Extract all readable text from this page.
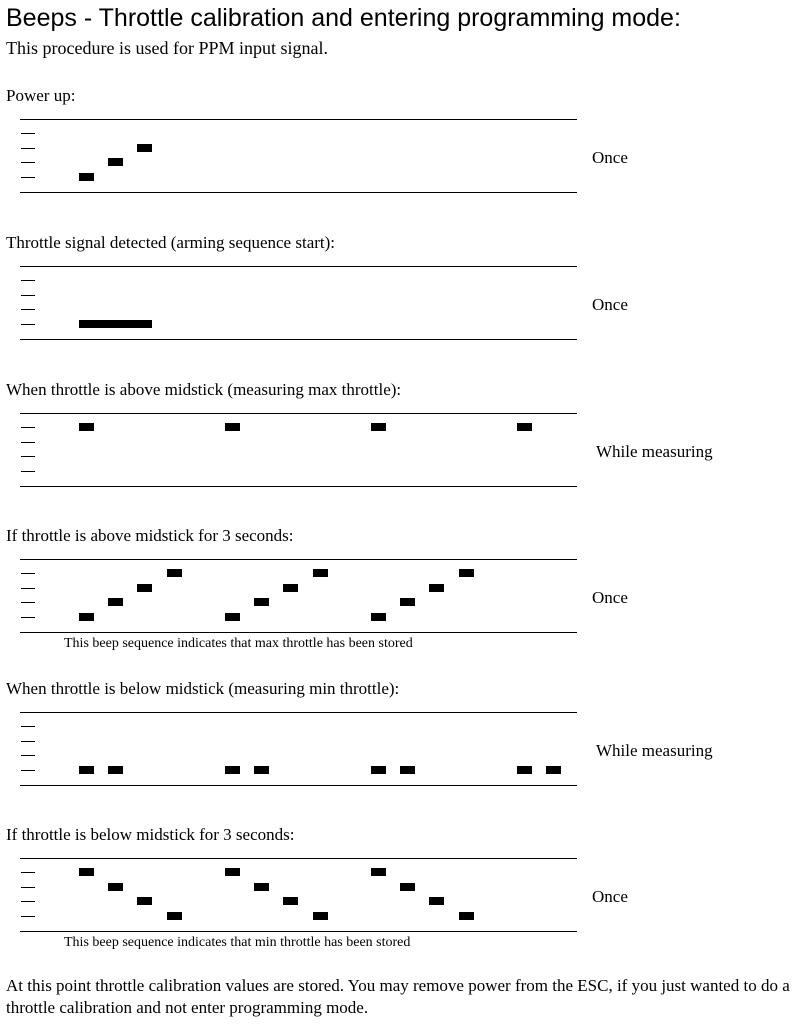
Beeps - Throttle calibration and entering programming mode:
This procedure is used for PPM input signal.
Power up:
Once
Throttle signal detected (arming sequence start):
Once
When throttle is above midstick (measuring max throttle):
While measuring
If throttle is above midstick for 3 seconds:
Once
This beep sequence indicates that max throttle has been stored
When throttle is below midstick (measuring min throttle):
While measuring
If throttle is below midstick for 3 seconds:
Once
This beep sequence indicates that min throttle has been stored
At this point throttle calibration values are stored. You may remove power from the ESC, if you just wanted to do a throttle calibration and not enter programming mode.
